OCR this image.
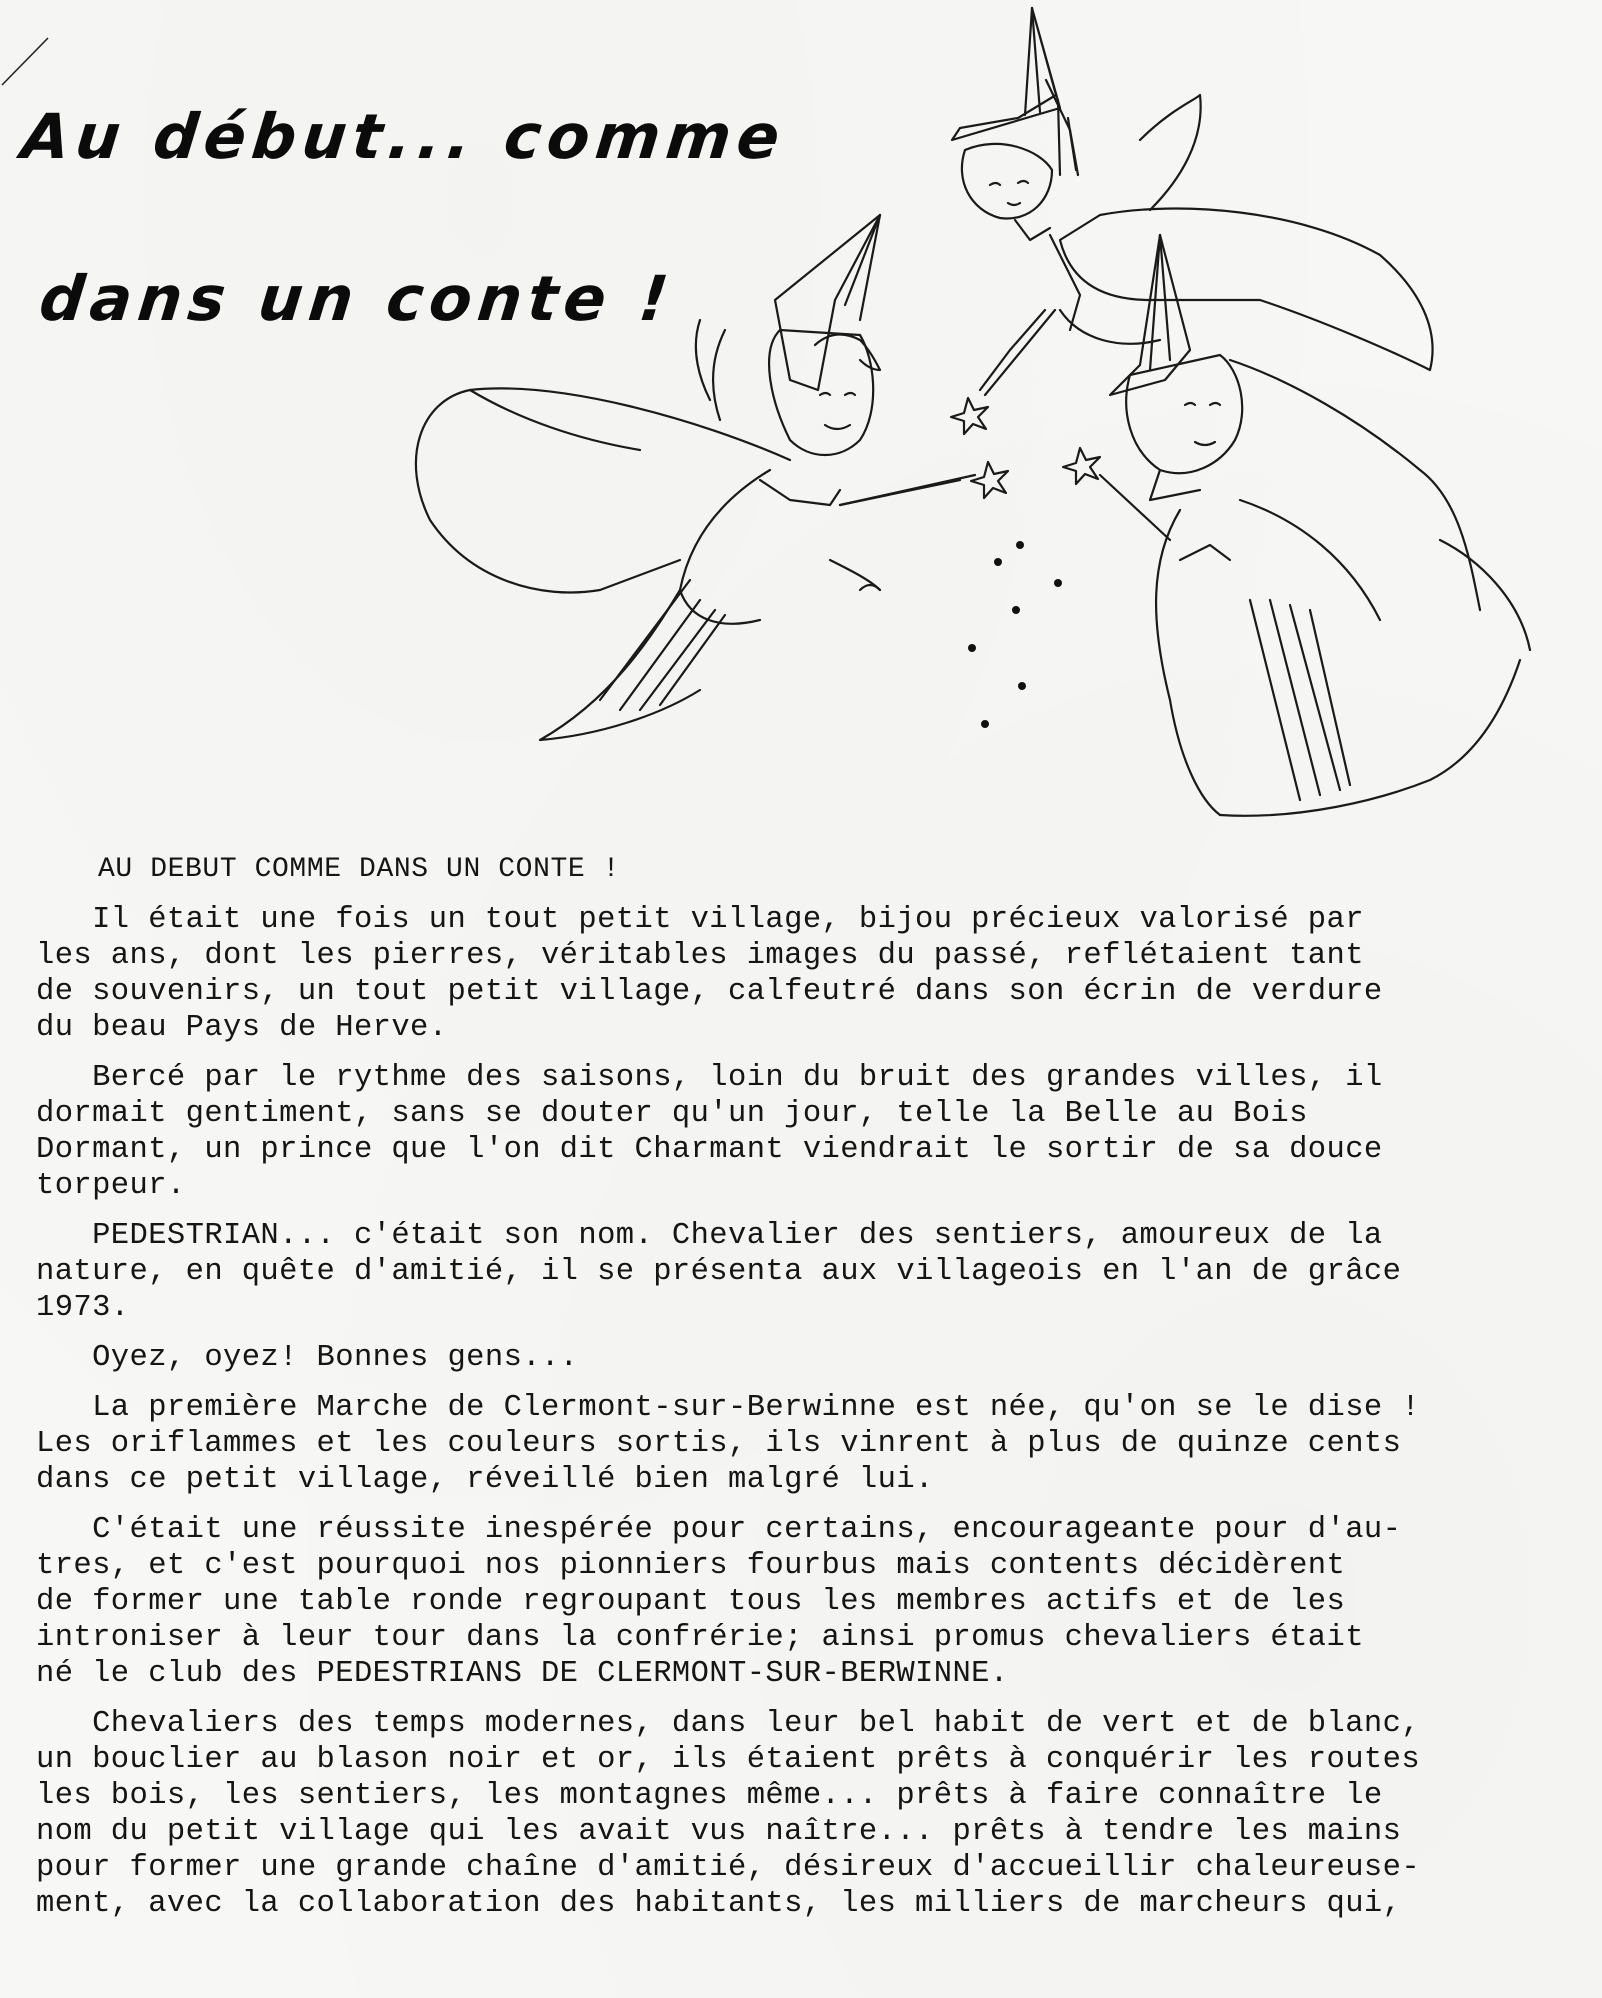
Au début... comme
dans un conte !
AU DEBUT COMME DANS UN CONTE !

Il était une fois un tout petit village, bijou précieux valorisé par
les ans, dont les pierres, véritables images du passé, reflétaient tant
de souvenirs, un tout petit village, calfeutré dans son écrin de verdure
du beau Pays de Herve.

Bercé par le rythme des saisons, loin du bruit des grandes villes, il
dormait gentiment, sans se douter qu'un jour, telle la Belle au Bois
Dormant, un prince que l'on dit Charmant viendrait le sortir de sa douce
torpeur.

PEDESTRIAN... c'était son nom. Chevalier des sentiers, amoureux de la
nature, en quête d'amitié, il se présenta aux villageois en l'an de grâce
1973.

Oyez, oyez! Bonnes gens...

La première Marche de Clermont-sur-Berwinne est née, qu'on se le dise !
Les oriflammes et les couleurs sortis, ils vinrent à plus de quinze cents
dans ce petit village, réveillé bien malgré lui.

C'était une réussite inespérée pour certains, encourageante pour d'au-
tres, et c'est pourquoi nos pionniers fourbus mais contents décidèrent
de former une table ronde regroupant tous les membres actifs et de les
introniser à leur tour dans la confrérie; ainsi promus chevaliers était
né le club des PEDESTRIANS DE CLERMONT-SUR-BERWINNE.

Chevaliers des temps modernes, dans leur bel habit de vert et de blanc,
un bouclier au blason noir et or, ils étaient prêts à conquérir les routes
les bois, les sentiers, les montagnes même... prêts à faire connaître le
nom du petit village qui les avait vus naître... prêts à tendre les mains
pour former une grande chaîne d'amitié, désireux d'accueillir chaleureuse-
ment, avec la collaboration des habitants, les milliers de marcheurs qui,
